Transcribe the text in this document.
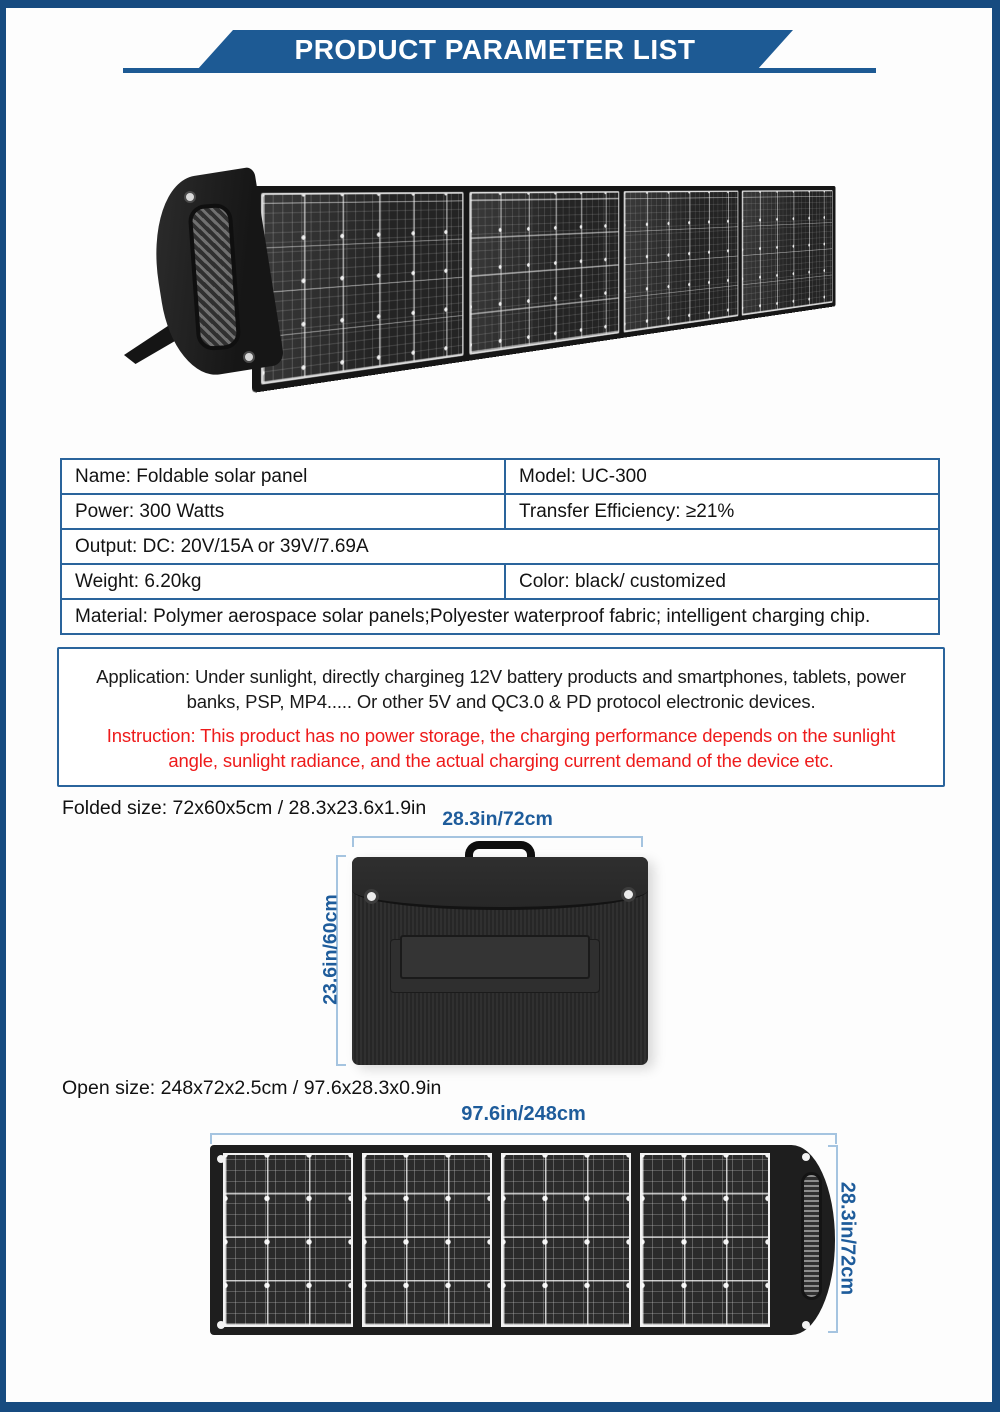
PRODUCT PARAMETER LIST
Name: Foldable solar panel	Model: UC-300
Power: 300 Watts	Transfer Efficiency: ≥21%
Output: DC: 20V/15A or 39V/7.69A
Weight: 6.20kg	Color: black/ customized
Material: Polymer aerospace solar panels;Polyester waterproof fabric; intelligent charging chip.
Application: Under sunlight, directly chargineg 12V battery products and smartphones, tablets, power
banks, PSP, MP4..... Or other 5V and QC3.0 & PD protocol electronic devices.
Instruction: This product has no power storage, the charging performance depends on the sunlight
angle, sunlight radiance, and the actual charging current demand of the device etc.
Folded size: 72x60x5cm / 28.3x23.6x1.9in 28.3in/72cm
23.6in/60cm
Open size: 248x72x2.5cm / 97.6x28.3x0.9in
97.6in/248cm
28.3in/72cm
